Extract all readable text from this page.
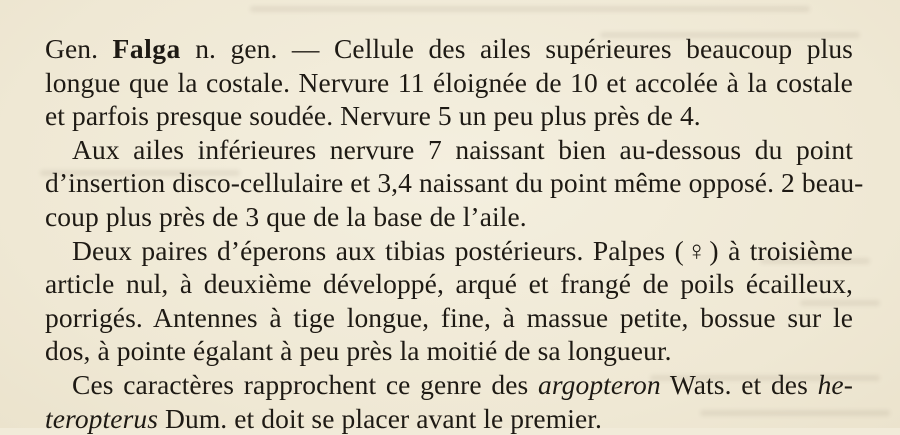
Gen. Falga n. gen. — Cellule des ailes supérieures beaucoup plus
longue que la costale. Nervure 11 éloignée de 10 et accolée à la costale
et parfois presque soudée. Nervure 5 un peu plus près de 4.
Aux ailes inférieures nervure 7 naissant bien au-dessous du point
d’insertion disco-cellulaire et 3,4 naissant du point même opposé. 2 beau-
coup plus près de 3 que de la base de l’aile.
Deux paires d’éperons aux tibias postérieurs. Palpes (♀) à troisième
article nul, à deuxième développé, arqué et frangé de poils écailleux,
porrigés. Antennes à tige longue, fine, à massue petite, bossue sur le
dos, à pointe égalant à peu près la moitié de sa longueur.
Ces caractères rapprochent ce genre des argopteron Wats. et des he-
teropterus Dum. et doit se placer avant le premier.
